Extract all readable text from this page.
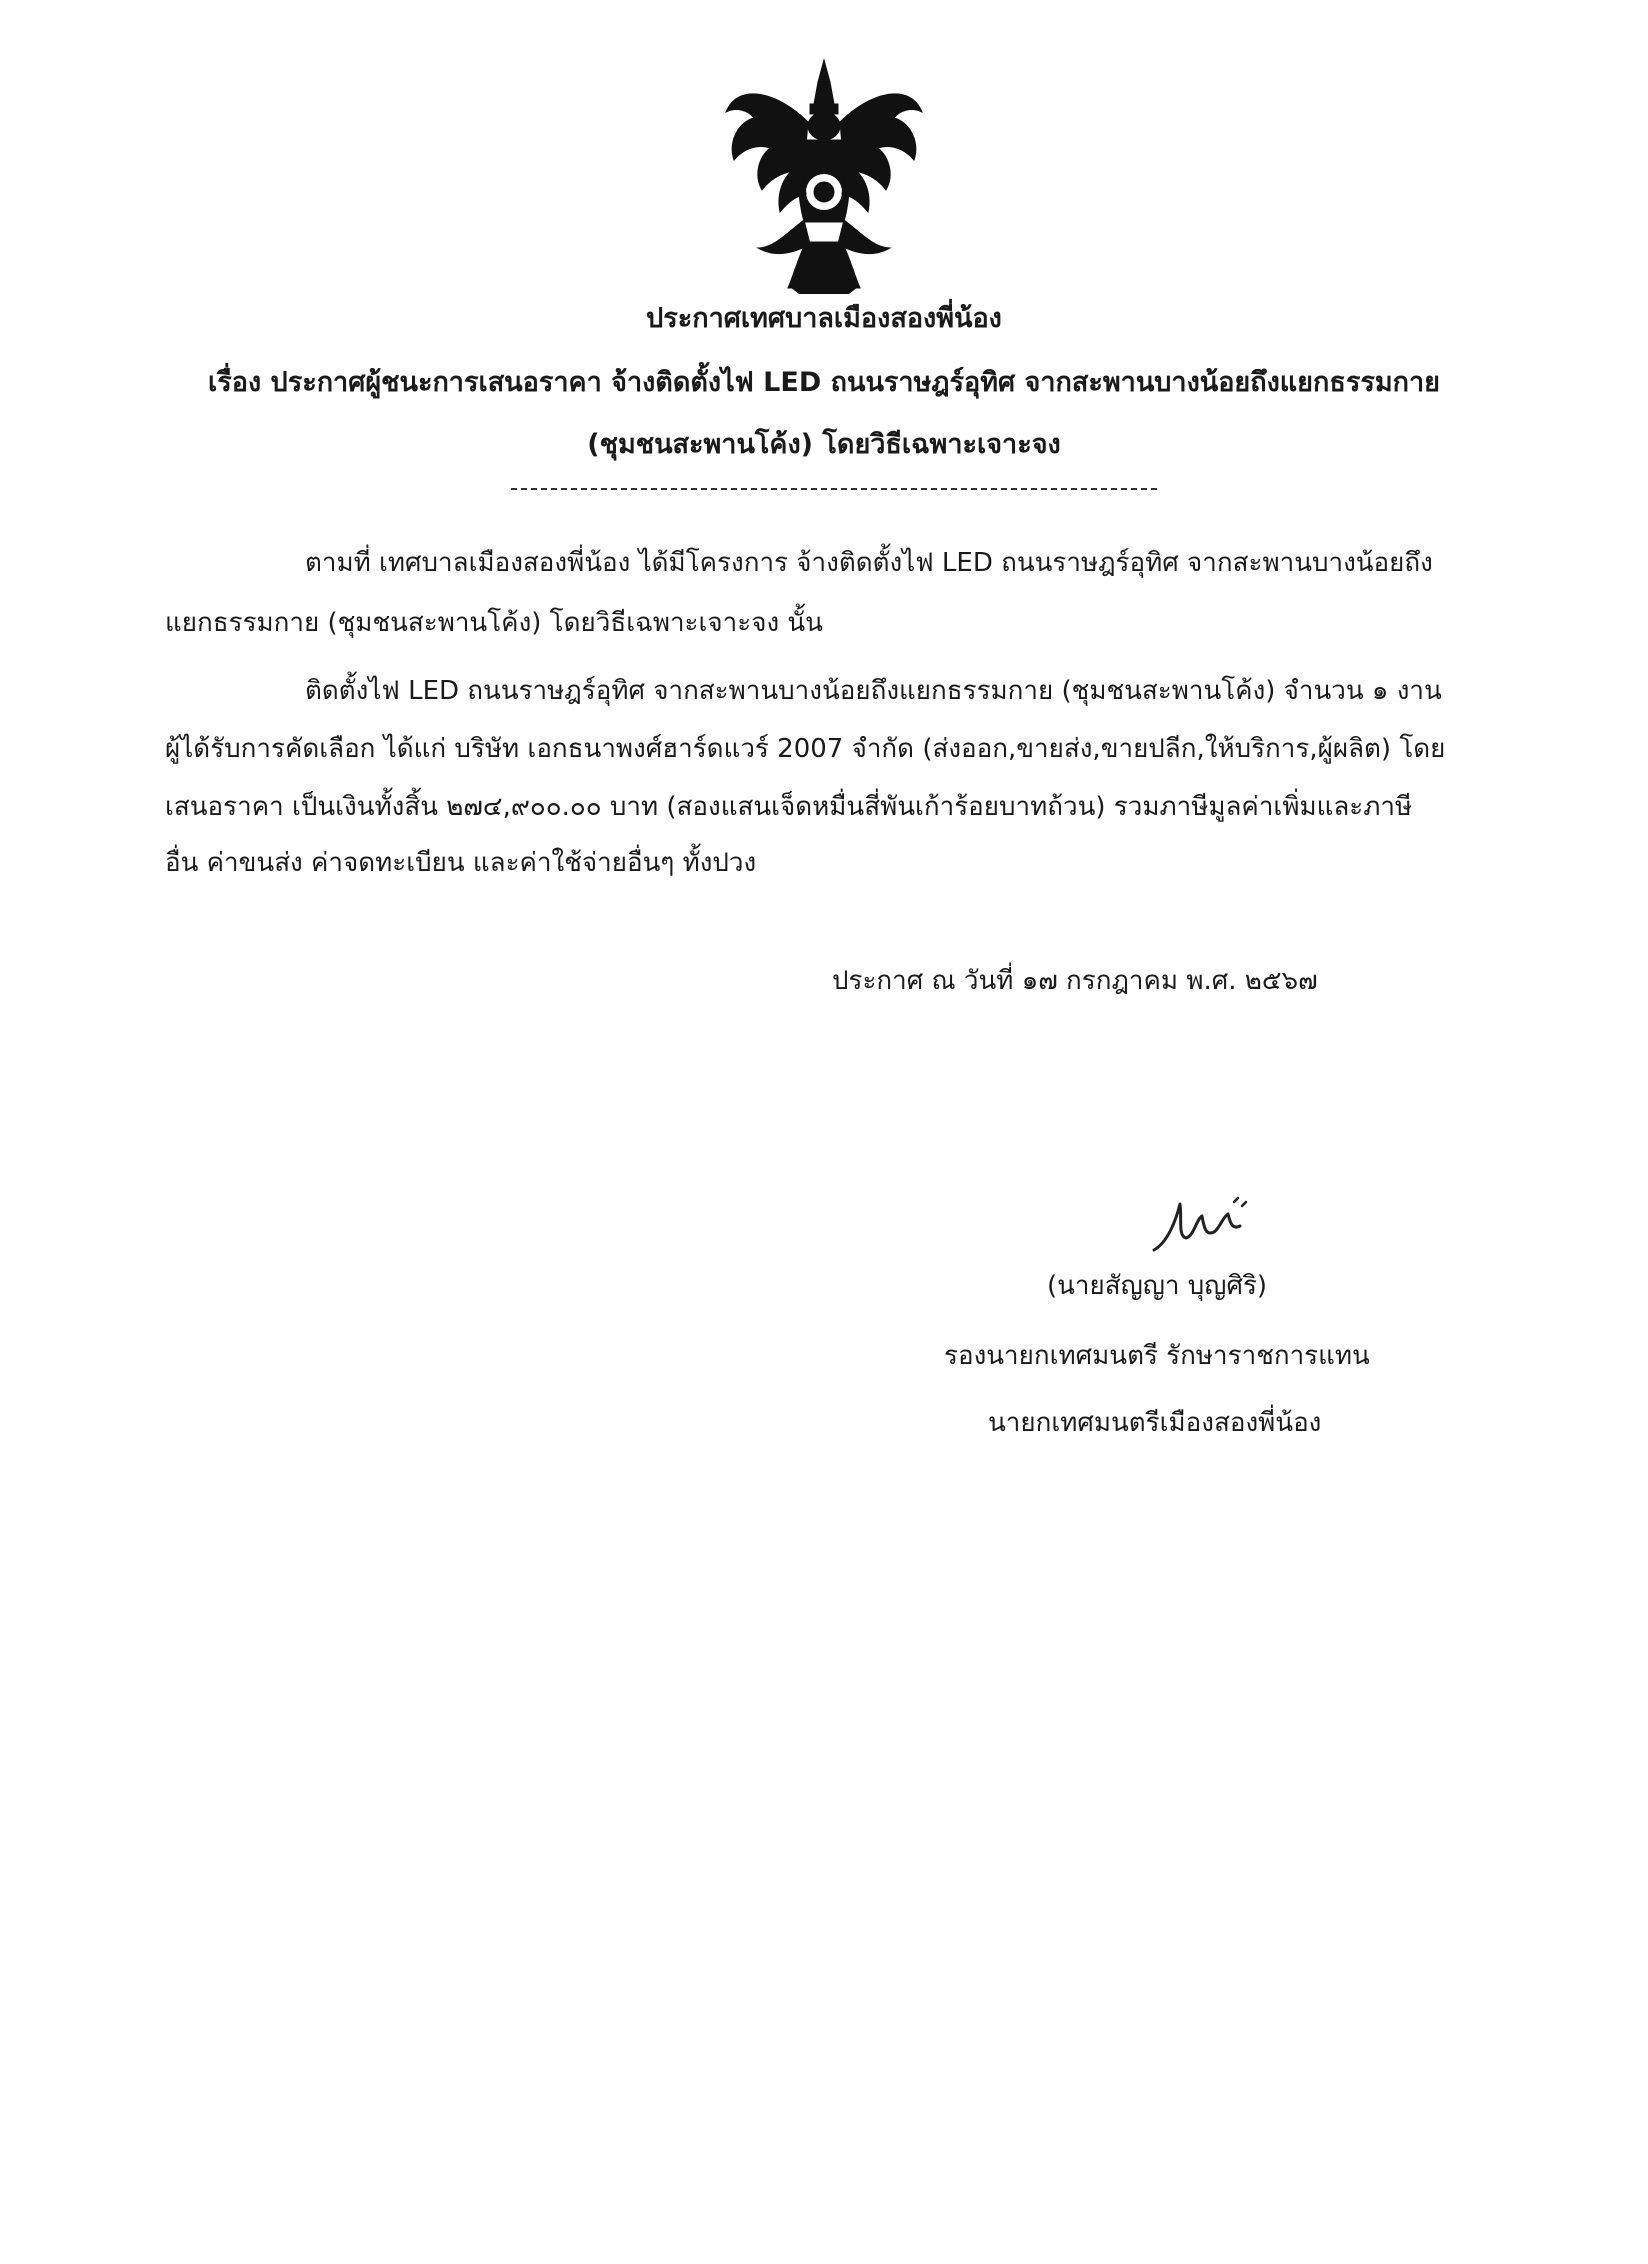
ประกาศเทศบาลเมืองสองพี่น้อง
เรื่อง ประกาศผู้ชนะการเสนอราคา จ้างติดตั้งไฟ LED ถนนราษฎร์อุทิศ จากสะพานบางน้อยถึงแยกธรรมกาย
(ชุมชนสะพานโค้ง) โดยวิธีเฉพาะเจาะจง
ตามที่ เทศบาลเมืองสองพี่น้อง ได้มีโครงการ จ้างติดตั้งไฟ LED ถนนราษฎร์อุทิศ จากสะพานบางน้อยถึง
แยกธรรมกาย (ชุมชนสะพานโค้ง) โดยวิธีเฉพาะเจาะจง นั้น
ติดตั้งไฟ LED ถนนราษฎร์อุทิศ จากสะพานบางน้อยถึงแยกธรรมกาย (ชุมชนสะพานโค้ง) จำนวน ๑ งาน
ผู้ได้รับการคัดเลือก ได้แก่ บริษัท เอกธนาพงศ์ฮาร์ดแวร์ 2007 จำกัด (ส่งออก,ขายส่ง,ขายปลีก,ให้บริการ,ผู้ผลิต) โดย
เสนอราคา เป็นเงินทั้งสิ้น ๒๗๔,๙๐๐.๐๐ บาท (สองแสนเจ็ดหมื่นสี่พันเก้าร้อยบาทถ้วน) รวมภาษีมูลค่าเพิ่มและภาษี
อื่น ค่าขนส่ง ค่าจดทะเบียน และค่าใช้จ่ายอื่นๆ ทั้งปวง
ประกาศ ณ วันที่ ๑๗ กรกฎาคม พ.ศ. ๒๕๖๗
(นายสัญญา บุญศิริ)
รองนายกเทศมนตรี รักษาราชการแทน
นายกเทศมนตรีเมืองสองพี่น้อง
